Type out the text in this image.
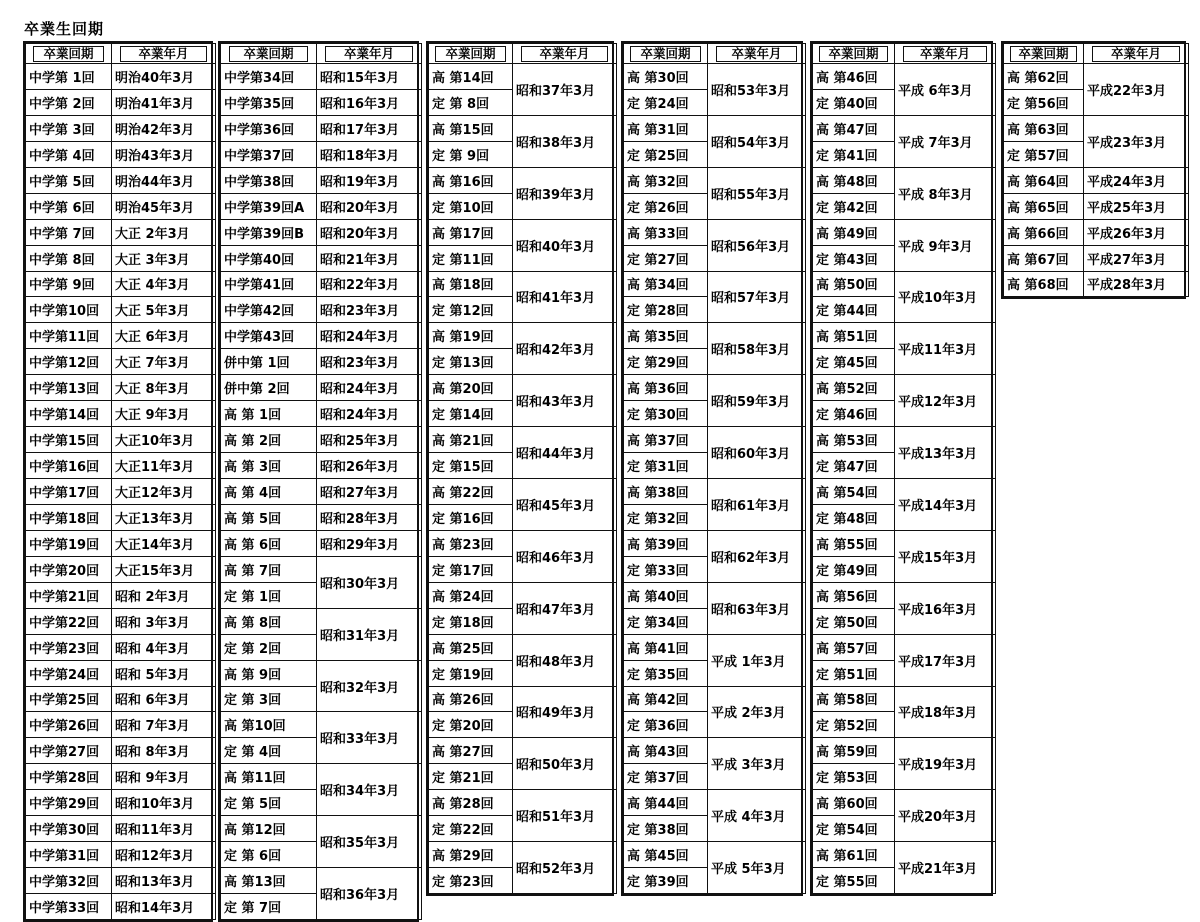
卒業生回期
卒業回期	卒業年月
中学第 1回	明治40年3月
中学第 2回	明治41年3月
中学第 3回	明治42年3月
中学第 4回	明治43年3月
中学第 5回	明治44年3月
中学第 6回	明治45年3月
中学第 7回	大正 2年3月
中学第 8回	大正 3年3月
中学第 9回	大正 4年3月
中学第10回	大正 5年3月
中学第11回	大正 6年3月
中学第12回	大正 7年3月
中学第13回	大正 8年3月
中学第14回	大正 9年3月
中学第15回	大正10年3月
中学第16回	大正11年3月
中学第17回	大正12年3月
中学第18回	大正13年3月
中学第19回	大正14年3月
中学第20回	大正15年3月
中学第21回	昭和 2年3月
中学第22回	昭和 3年3月
中学第23回	昭和 4年3月
中学第24回	昭和 5年3月
中学第25回	昭和 6年3月
中学第26回	昭和 7年3月
中学第27回	昭和 8年3月
中学第28回	昭和 9年3月
中学第29回	昭和10年3月
中学第30回	昭和11年3月
中学第31回	昭和12年3月
中学第32回	昭和13年3月
中学第33回	昭和14年3月
卒業回期	卒業年月
中学第34回	昭和15年3月
中学第35回	昭和16年3月
中学第36回	昭和17年3月
中学第37回	昭和18年3月
中学第38回	昭和19年3月
中学第39回A	昭和20年3月
中学第39回B	昭和20年3月
中学第40回	昭和21年3月
中学第41回	昭和22年3月
中学第42回	昭和23年3月
中学第43回	昭和24年3月
併中第 1回	昭和23年3月
併中第 2回	昭和24年3月
高 第 1回	昭和24年3月
高 第 2回	昭和25年3月
高 第 3回	昭和26年3月
高 第 4回	昭和27年3月
高 第 5回	昭和28年3月
高 第 6回	昭和29年3月
高 第 7回	昭和30年3月
定 第 1回	
高 第 8回	昭和31年3月
定 第 2回	
高 第 9回	昭和32年3月
定 第 3回	
高 第10回	昭和33年3月
定 第 4回	
高 第11回	昭和34年3月
定 第 5回	
高 第12回	昭和35年3月
定 第 6回	
高 第13回	昭和36年3月
定 第 7回	
卒業回期	卒業年月
高 第14回	昭和37年3月
定 第 8回	
高 第15回	昭和38年3月
定 第 9回	
高 第16回	昭和39年3月
定 第10回	
高 第17回	昭和40年3月
定 第11回	
高 第18回	昭和41年3月
定 第12回	
高 第19回	昭和42年3月
定 第13回	
高 第20回	昭和43年3月
定 第14回	
高 第21回	昭和44年3月
定 第15回	
高 第22回	昭和45年3月
定 第16回	
高 第23回	昭和46年3月
定 第17回	
高 第24回	昭和47年3月
定 第18回	
高 第25回	昭和48年3月
定 第19回	
高 第26回	昭和49年3月
定 第20回	
高 第27回	昭和50年3月
定 第21回	
高 第28回	昭和51年3月
定 第22回	
高 第29回	昭和52年3月
定 第23回	
卒業回期	卒業年月
高 第30回	昭和53年3月
定 第24回	
高 第31回	昭和54年3月
定 第25回	
高 第32回	昭和55年3月
定 第26回	
高 第33回	昭和56年3月
定 第27回	
高 第34回	昭和57年3月
定 第28回	
高 第35回	昭和58年3月
定 第29回	
高 第36回	昭和59年3月
定 第30回	
高 第37回	昭和60年3月
定 第31回	
高 第38回	昭和61年3月
定 第32回	
高 第39回	昭和62年3月
定 第33回	
高 第40回	昭和63年3月
定 第34回	
高 第41回	平成 1年3月
定 第35回	
高 第42回	平成 2年3月
定 第36回	
高 第43回	平成 3年3月
定 第37回	
高 第44回	平成 4年3月
定 第38回	
高 第45回	平成 5年3月
定 第39回	
卒業回期	卒業年月
高 第46回	平成 6年3月
定 第40回	
高 第47回	平成 7年3月
定 第41回	
高 第48回	平成 8年3月
定 第42回	
高 第49回	平成 9年3月
定 第43回	
高 第50回	平成10年3月
定 第44回	
高 第51回	平成11年3月
定 第45回	
高 第52回	平成12年3月
定 第46回	
高 第53回	平成13年3月
定 第47回	
高 第54回	平成14年3月
定 第48回	
高 第55回	平成15年3月
定 第49回	
高 第56回	平成16年3月
定 第50回	
高 第57回	平成17年3月
定 第51回	
高 第58回	平成18年3月
定 第52回	
高 第59回	平成19年3月
定 第53回	
高 第60回	平成20年3月
定 第54回	
高 第61回	平成21年3月
定 第55回	
卒業回期	卒業年月
高 第62回	平成22年3月
定 第56回	
高 第63回	平成23年3月
定 第57回	
高 第64回	平成24年3月
高 第65回	平成25年3月
高 第66回	平成26年3月
高 第67回	平成27年3月
高 第68回	平成28年3月
